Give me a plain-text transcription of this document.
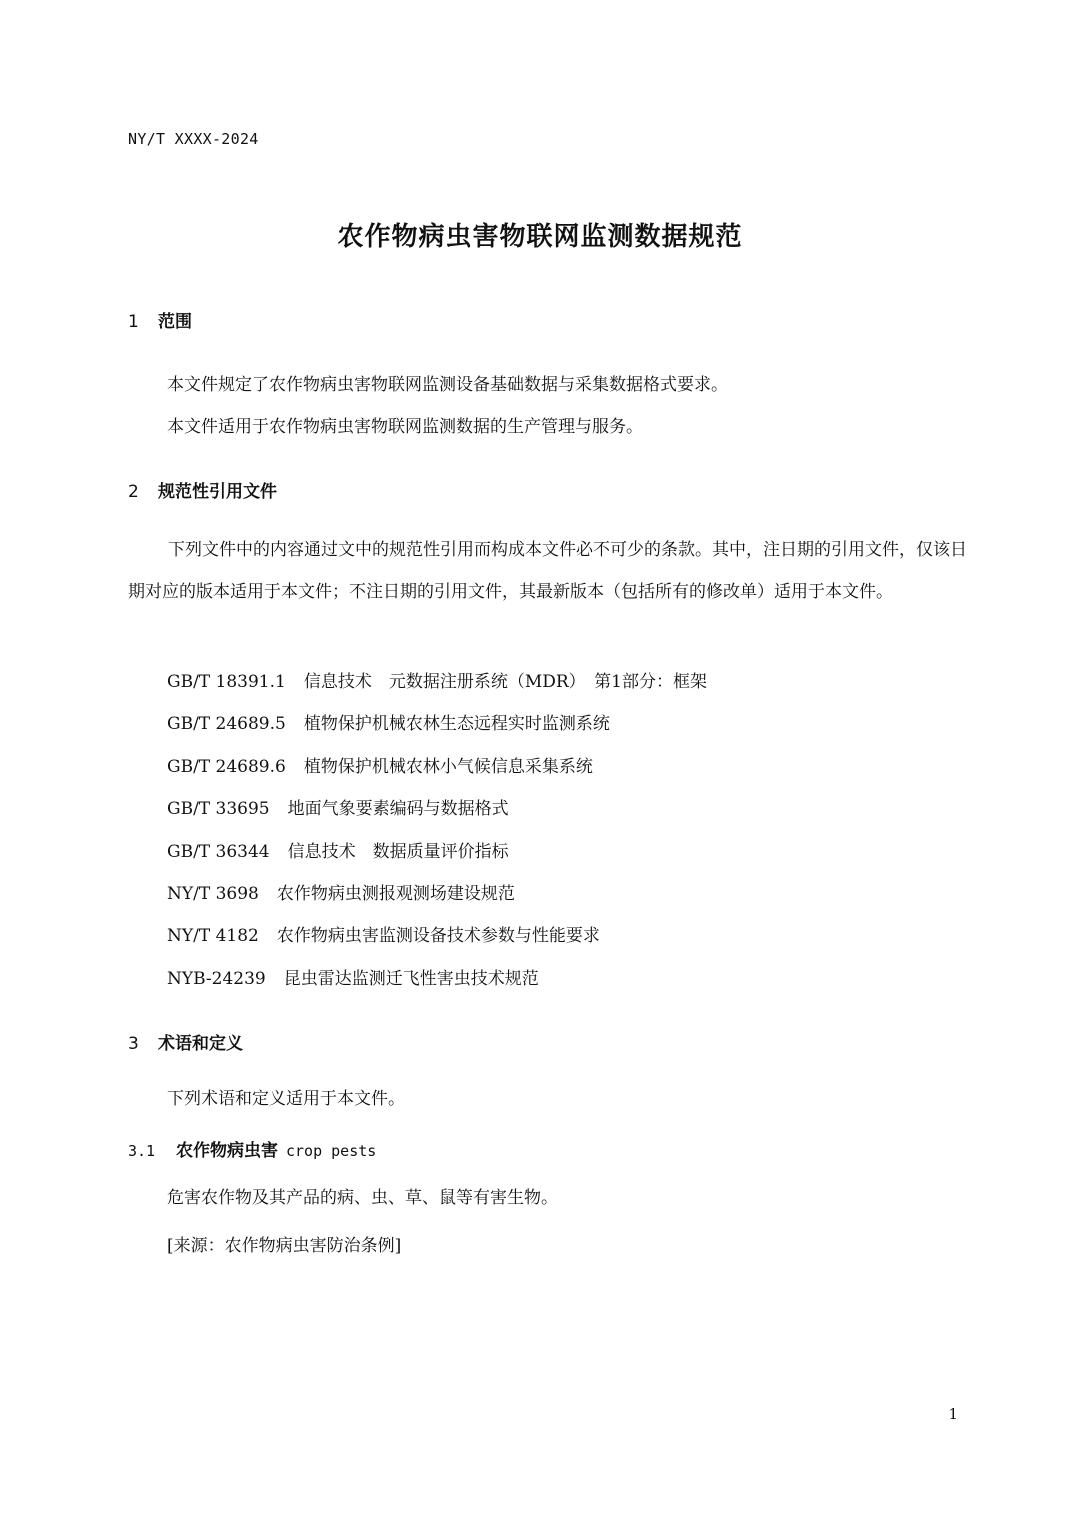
NY/T XXXX-2024
农作物病虫害物联网监测数据规范
1 范围
本文件规定了农作物病虫害物联网监测设备基础数据与采集数据格式要求。
本文件适用于农作物病虫害物联网监测数据的生产管理与服务。
2 规范性引用文件
下列文件中的内容通过文中的规范性引用而构成本文件必不可少的条款。其中，注日期的引用文件，仅该日期对应的版本适用于本文件；不注日期的引用文件，其最新版本（包括所有的修改单）适用于本文件。
GB/T 18391.1 信息技术　元数据注册系统（MDR）　第1部分：框架
GB/T 24689.5 植物保护机械农林生态远程实时监测系统
GB/T 24689.6 植物保护机械农林小气候信息采集系统
GB/T 33695 地面气象要素编码与数据格式
GB/T 36344 信息技术　数据质量评价指标
NY/T 3698 农作物病虫测报观测场建设规范
NY/T 4182 农作物病虫害监测设备技术参数与性能要求
NYB-24239 昆虫雷达监测迁飞性害虫技术规范
3 术语和定义
下列术语和定义适用于本文件。
3.1 农作物病虫害 crop pests
危害农作物及其产品的病、虫、草、鼠等有害生物。
[来源：农作物病虫害防治条例]
1
